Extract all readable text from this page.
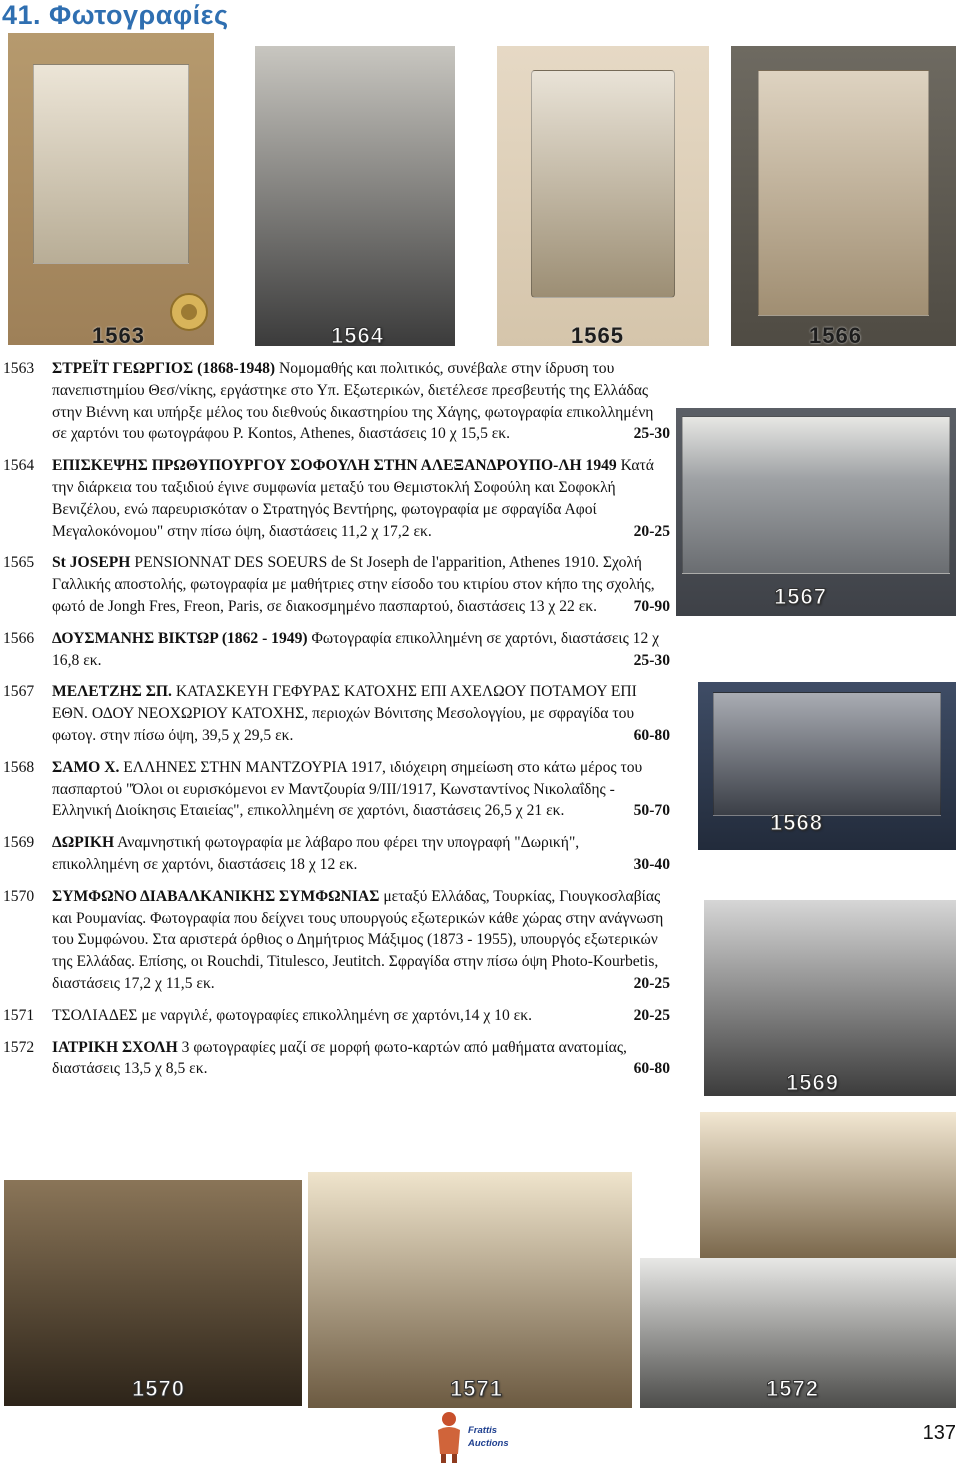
41. Φωτογραφίες
1563	1564	1565	1566
1567
1568
1569
1570	1571	1572
1563 ΣΤΡΕΪΤ ΓΕΩΡΓΙΟΣ (1868-1948) Νομομαθής και πολιτικός, συνέβαλε στην ίδρυση του πανεπιστημίου Θεσ/νίκης, εργάστηκε στο Υπ. Εξωτερικών, διετέλεσε πρεσβευτής της Ελλάδας στην Βιέννη και υπήρξε μέλος του διεθνούς δικαστηρίου της Χάγης, φωτογραφία επικολλημένη σε χαρτόνι του φωτογράφου P. Kontos, Athenes, διαστάσεις 10 χ 15,5 εκ.	25-30
1564 ΕΠΙΣΚΕΨΗΣ ΠΡΩΘΥΠΟΥΡΓΟΥ ΣΟΦΟΥΛΗ ΣΤΗΝ ΑΛΕΞΑΝΔΡΟΥΠΟ-ΛΗ 1949 Κατά την διάρκεια του ταξιδιού έγινε συμφωνία μεταξύ του Θεμιστοκλή Σοφούλη και Σοφοκλή Βενιζέλου, ενώ παρευρισκόταν ο Στρατηγός Βεντήρης, φωτογραφία με σφραγίδα Αφοί Μεγαλοκόνομου" στην πίσω όψη, διαστάσεις 11,2 χ 17,2 εκ.	20-25
1565 St JOSEPH PENSIONNAT DES SOEURS de St Joseph de l'apparition, Athenes 1910. Σχολή Γαλλικής αποστολής, φωτογραφία με μαθήτριες στην είσοδο του κτιρίου στον κήπο της σχολής, φωτό de Jongh Fres, Freon, Paris, σε διακοσμημένο πασπαρτού, διαστάσεις 13 χ 22 εκ. 70-90
1566 ΔΟΥΣΜΑΝΗΣ ΒΙΚΤΩΡ (1862 - 1949) Φωτογραφία επικολλημένη σε χαρτόνι, διαστάσεις 12 χ 16,8 εκ.	25-30
1567 ΜΕΛΕΤΖΗΣ ΣΠ. ΚΑΤΑΣΚΕΥΗ ΓΕΦΥΡΑΣ ΚΑΤΟΧΗΣ ΕΠΙ ΑΧΕΛΩΟΥ ΠΟΤΑΜΟΥ ΕΠΙ ΕΘΝ. ΟΔΟΥ ΝΕΟΧΩΡΙΟΥ ΚΑΤΟΧΗΣ, περιοχών Βόνιτσης Μεσολογγίου, με σφραγίδα του φωτογ. στην πίσω όψη, 39,5 χ 29,5 εκ.	60-80
1568 ΣΑΜΟ Χ. ΕΛΛΗΝΕΣ ΣΤΗΝ ΜΑΝΤΖΟΥΡΙΑ 1917, ιδιόχειρη σημείωση στο κάτω μέρος του πασπαρτού "Όλοι οι ευρισκόμενοι εν Μαντζουρία 9/ΙΙΙ/1917, Κωνσταντίνος Νικολαΐδης - Ελληνική Διοίκησις Εταιείας", επικολλημένη σε χαρτόνι, διαστάσεις 26,5 χ 21 εκ.	50-70
1569 ΔΩΡΙΚΗ Αναμνηστική φωτογραφία με λάβαρο που φέρει την υπογραφή "Δωρική", επικολλημένη σε χαρτόνι, διαστάσεις 18 χ 12 εκ.	30-40
1570 ΣΥΜΦΩΝΟ ΔΙΑΒΑΛΚΑΝΙΚΗΣ ΣΥΜΦΩΝΙΑΣ μεταξύ Ελλάδας, Τουρκίας, Γιουγκοσλαβίας και Ρουμανίας. Φωτογραφία που δείχνει τους υπουργούς εξωτερικών κάθε χώρας στην ανάγνωση του Συμφώνου. Στα αριστερά όρθιος ο Δημήτριος Μάξιμος (1873 - 1955), υπουργός εξωτερικών της Ελλάδας. Επίσης, οι Rouchdi, Titulesco, Jeutitch. Σφραγίδα στην πίσω όψη Photo-Kourbetis, διαστάσεις 17,2 χ 11,5 εκ.	20-25
1571 ΤΣΟΛΙΑΔΕΣ με ναργιλέ, φωτογραφίες επικολλημένη σε χαρτόνι,14 χ 10 εκ.	20-25
1572 ΙΑΤΡΙΚΗ ΣΧΟΛΗ 3 φωτογραφίες μαζί σε μορφή φωτο-καρτών από μαθήματα ανατομίας, διαστάσεις 13,5 χ 8,5 εκ.	60-80
Frattis
Auctions	137
